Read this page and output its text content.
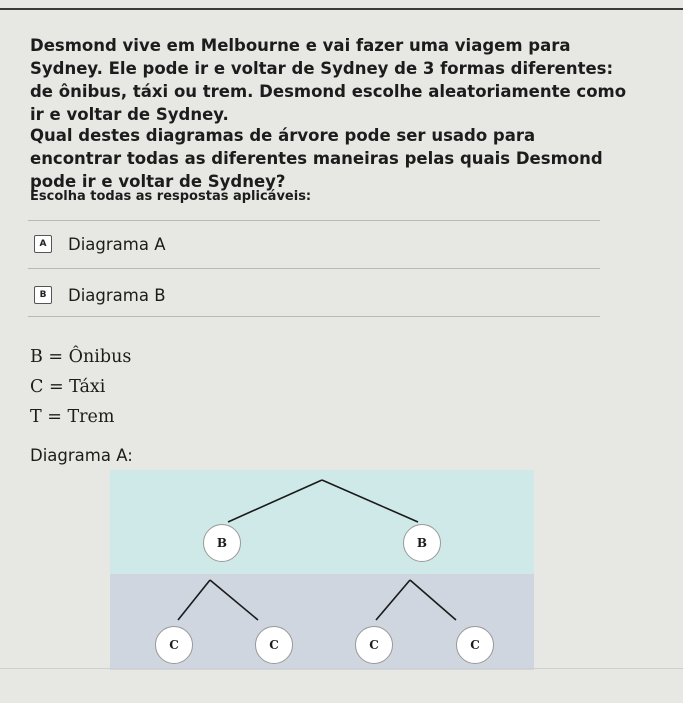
Desmond vive em Melbourne e vai fazer uma viagem para Sydney. Ele pode ir e voltar de Sydney de 3 formas diferentes: de ônibus, táxi ou trem. Desmond escolhe aleatoriamente como ir e voltar de Sydney.
Qual destes diagramas de árvore pode ser usado para encontrar todas as diferentes maneiras pelas quais Desmond pode ir e voltar de Sydney?
Escolha todas as respostas aplicáveis:
A	Diagrama A
B	Diagrama B
B = Ônibus
C = Táxi
T = Trem
Diagrama A:
B	B
C	C	C	C
